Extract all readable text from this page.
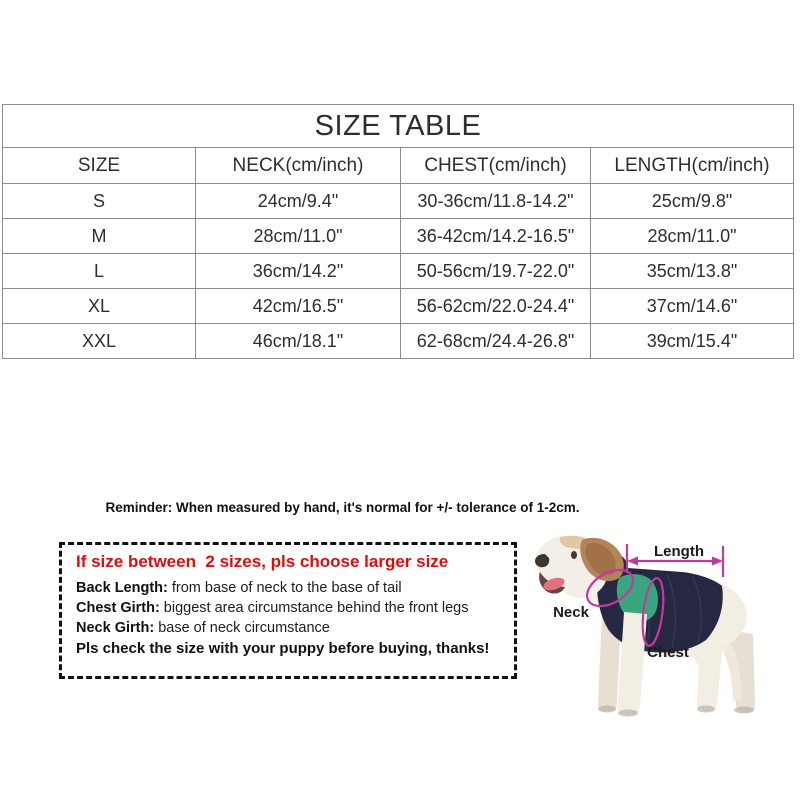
SIZE TABLE			
SIZE	NECK(cm/inch)	CHEST(cm/inch)	LENGTH(cm/inch)
S	24cm/9.4"	30-36cm/11.8-14.2"	25cm/9.8"
M	28cm/11.0"	36-42cm/14.2-16.5"	28cm/11.0"
L	36cm/14.2"	50-56cm/19.7-22.0"	35cm/13.8"
XL	42cm/16.5"	56-62cm/22.0-24.4"	37cm/14.6"
XXL	46cm/18.1"	62-68cm/24.4-26.8"	39cm/15.4"
Reminder: When measured by hand, it's normal for +/- tolerance of 1-2cm.
If size between  2 sizes, pls choose larger size
Back Length: from base of neck to the base of tail
Chest Girth: biggest area circumstance behind the front legs
Neck Girth: base of neck circumstance
Pls check the size with your puppy before buying, thanks!
Length
Neck
Chest
